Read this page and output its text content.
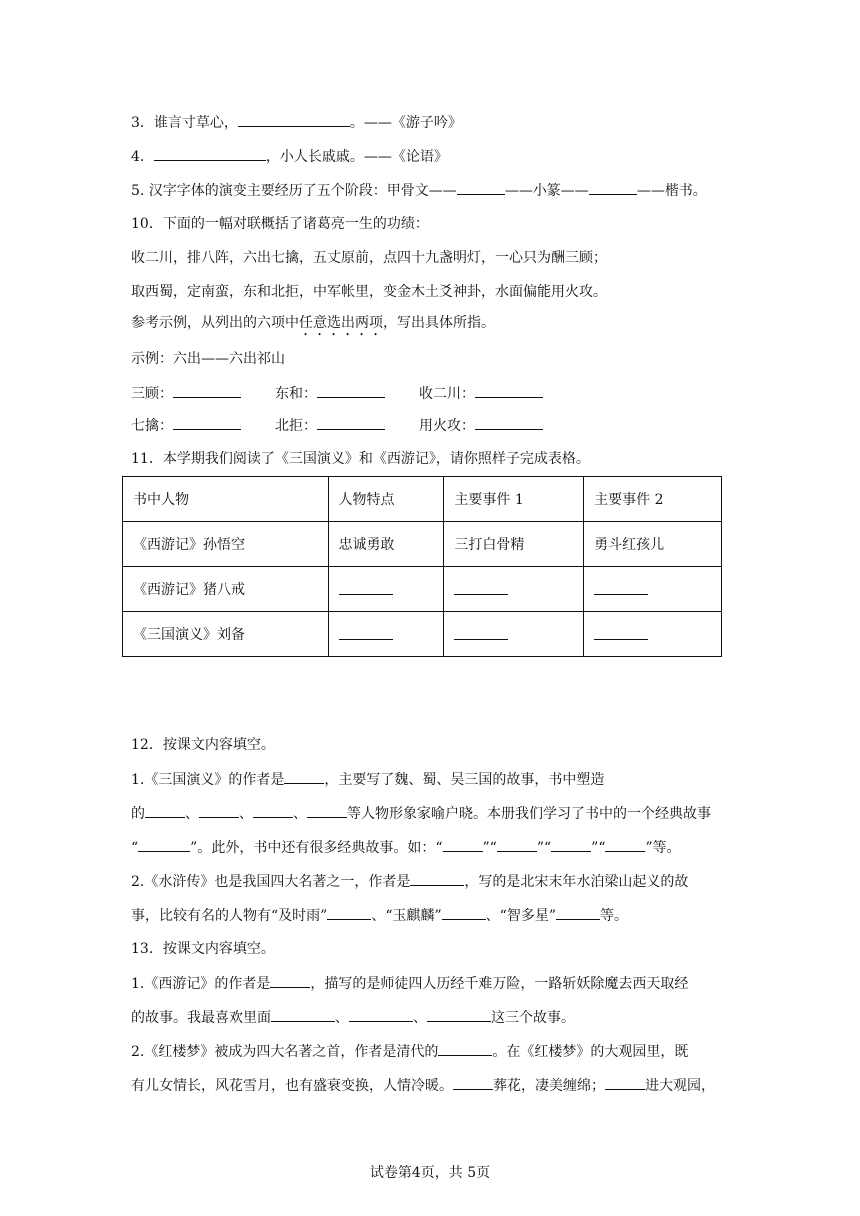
3．谁言寸草心，	。——《游子吟》
4．	，小人长戚戚。——《论语》
5. 汉字字体的演变主要经历了五个阶段：甲骨文——	——小篆——	——楷书。
10．下面的一幅对联概括了诸葛亮一生的功绩：
收二川，排八阵，六出七擒，五丈原前，点四十九盏明灯，一心只为酬三顾；
取西蜀，定南蛮，东和北拒，中军帐里，变金木土爻神卦，水面偏能用火攻。
参考示例，从列出的六项中任意选出两项，写出具体所指。
示例：六出——六出祁山
三顾：	东和：	收二川：
七擒：	北拒：	用火攻：
11．本学期我们阅读了《三国演义》和《西游记》，请你照样子完成表格。
书中人物	人物特点	主要事件 1	主要事件 2
《西游记》孙悟空	忠诚勇敢	三打白骨精	勇斗红孩儿
《西游记》猪八戒			
《三国演义》刘备			
12．按课文内容填空。
1.《三国演义》的作者是	，主要写了魏、蜀、吴三国的故事，书中塑造
的	、	、	、	等人物形象家喻户晓。本册我们学习了书中的一个经典故事
“	”。此外，书中还有很多经典故事。如：“	”“	”“	”“	”等。
2.《水浒传》也是我国四大名著之一，作者是	，写的是北宋末年水泊梁山起义的故
事，比较有名的人物有“及时雨”	、“玉麒麟”	、“智多星”	等。
13．按课文内容填空。
1.《西游记》的作者是	，描写的是师徒四人历经千难万险，一路斩妖除魔去西天取经
的故事。我最喜欢里面	、	、	这三个故事。
2.《红楼梦》被成为四大名著之首，作者是清代的	。在《红楼梦》的大观园里，既
有儿女情长，风花雪月，也有盛衰变换，人情冷暖。	葬花，凄美缠绵；	进大观园，
试卷第4页，共 5页
